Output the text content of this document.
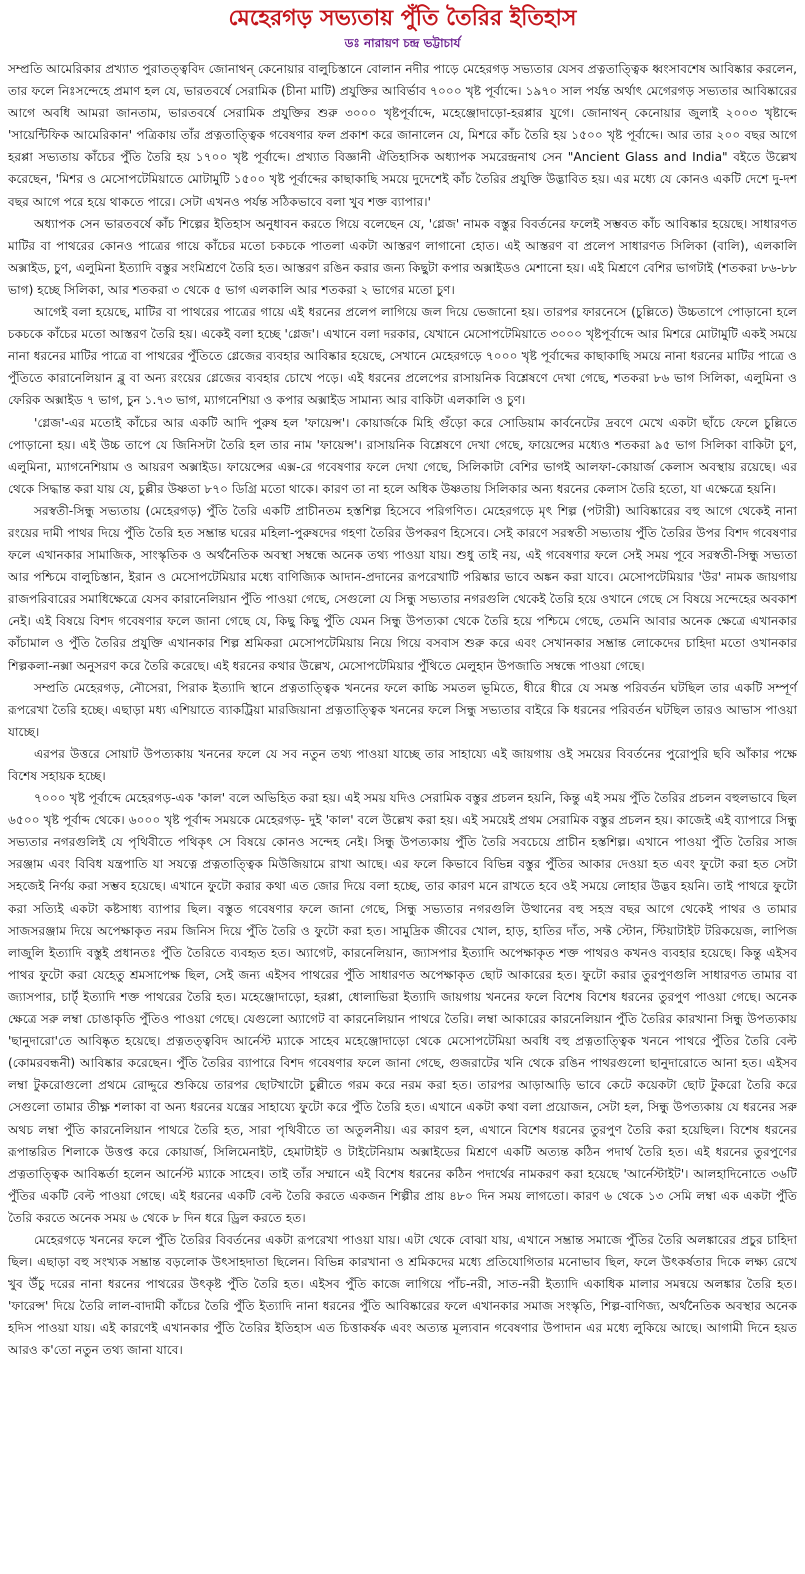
মেহেরগড় সভ্যতায় পুঁতি তৈরির ইতিহাস
ডঃ নারায়ণ চন্দ্র ভট্টাচার্য

সম্প্রতি আমেরিকার প্রখ্যাত পুরাতত্ত্ববিদ জোনাথন্ কেনোয়ার বালুচিস্তানে বোলান নদীর পাড়ে মেহেরগড় সভ্যতার যেসব প্রত্নতাত্ত্বিক ধ্বংসাবশেষ আবিষ্কার করলেন, তার ফলে নিঃসন্দেহে প্রমাণ হল যে, ভারতবর্ষে সেরামিক (চীনা মাটি) প্রযুক্তির আবির্ভাব ৭০০০ খৃষ্ট পূর্বাব্দে। ১৯৭০ সাল পর্যন্ত অর্থাৎ মেগেরগড় সভ্যতার আবিষ্কারের আগে অবধি আমরা জানতাম, ভারতবর্ষে সেরামিক প্রযুক্তির শুরু ৩০০০ খৃষ্টপূর্বাব্দে, মহেঞ্জোদাড়ো-হরপ্পার যুগে। জোনাথন্ কেনোয়ার জুলাই ২০০৩ খৃষ্টাব্দে 'সায়েন্টিফিক আমেরিকান' পত্রিকায় তাঁর প্রত্নতাত্ত্বিক গবেষণার ফল প্রকাশ করে জানালেন যে, মিশরে কাঁচ তৈরি হয় ১৫০০ খৃষ্ট পূর্বাব্দে। আর তার ২০০ বছর আগে হরপ্পা সভ্যতায় কাঁচের পুঁতি তৈরি হয় ১৭০০ খৃষ্ট পূর্বাব্দে। প্রখ্যাত বিজ্ঞানী ঐতিহাসিক অধ্যাপক সমরেন্দ্রনাথ সেন "Ancient Glass and India" বইতে উল্লেখ করেছেন, 'মিশর ও মেসোপটেমিয়াতে মোটামুটি ১৫০০ খৃষ্ট পূর্বাব্দের কাছাকাছি সময়ে দুদেশেই কাঁচ তৈরির প্রযুক্তি উদ্ভাবিত হয়। এর মধ্যে যে কোনও একটি দেশে দু-দশ বছর আগে পরে হয়ে থাকতে পারে। সেটা এখনও পর্যন্ত সঠিকভাবে বলা খুব শক্ত ব্যাপার।'

অধ্যাপক সেন ভারতবর্ষে কাঁচ শিল্পের ইতিহাস অনুধাবন করতে গিয়ে বলেছেন যে, 'গ্লেজ' নামক বস্তুর বিবর্তনের ফলেই সম্ভবত কাঁচ আবিষ্কার হয়েছে। সাধারণত মাটির বা পাথরের কোনও পাত্রের গায়ে কাঁচের মতো চকচকে পাতলা একটা আস্তরণ লাগানো হোত। এই আস্তরণ বা প্রলেপ সাধারণত সিলিকা (বালি), এলকালি অক্সাইড, চুণ, এলুমিনা ইত্যাদি বস্তুর সংমিশ্রণে তৈরি হত। আস্তরণ রঙিন করার জন্য কিছুটা কপার অক্সাইডও মেশানো হয়। এই মিশ্রণে বেশির ভাগটাই (শতকরা ৮৬-৮৮ ভাগ) হচ্ছে সিলিকা, আর শতকরা ৩ থেকে ৫ ভাগ এলকালি আর শতকরা ২ ভাগের মতো চুণ।

আগেই বলা হয়েছে, মাটির বা পাথরের পাত্রের গায়ে এই ধরনের প্রলেপ লাগিয়ে জল দিয়ে ভেজানো হয়। তারপর ফারনেসে (চুল্লিতে) উচ্চতাপে পোড়ানো হলে চকচকে কাঁচের মতো আস্তরণ তৈরি হয়। একেই বলা হচ্ছে 'গ্লেজ'। এখানে বলা দরকার, যেখানে মেসোপটেমিয়াতে ৩০০০ খৃষ্টপূর্বাব্দে আর মিশরে মোটামুটি একই সময়ে নানা ধরনের মাটির পাত্রে বা পাথরের পুঁতিতে গ্লেজের ব্যবহার আবিষ্কার হয়েছে, সেখানে মেহেরগড়ে ৭০০০ খৃষ্ট পূর্বাব্দের কাছাকাছি সময়ে নানা ধরনের মাটির পাত্রে ও পুঁতিতে কারানেলিয়ান ব্লু বা অন্য রংয়ের গ্লেজের ব্যবহার চোখে পড়ে। এই ধরনের প্রলেপের রাসায়নিক বিশ্লেষণে দেখা গেছে, শতকরা ৮৬ ভাগ সিলিকা, এলুমিনা ও ফেরিক অক্সাইড ৭ ভাগ, চুন ১.৭৩ ভাগ, ম্যাগনেশিয়া ও কপার অক্সাইড সামান্য আর বাকিটা এলকালি ও চুণ।

'গ্লেজ'-এর মতোই কাঁচের আর একটি আদি পুরুষ হল 'ফায়েন্স'। কোয়ার্জকে মিহি গুঁড়ো করে সোডিয়াম কার্বনেটের দ্রবণে মেখে একটা ছাঁচে ফেলে চুল্লিতে পোড়ানো হয়। এই উচ্চ তাপে যে জিনিসটা তৈরি হল তার নাম 'ফায়েন্স'। রাসায়নিক বিশ্লেষণে দেখা গেছে, ফায়েন্সের মধ্যেও শতকরা ৯৫ ভাগ সিলিকা বাকিটা চুণ, এলুমিনা, ম্যাগনেশিয়াম ও আয়রণ অক্সাইড। ফায়েন্সের এক্স-রে গবেষণার ফলে দেখা গেছে, সিলিকাটা বেশির ভাগই আলফা-কোয়ার্জ কেলাস অবস্থায় রয়েছে। এর থেকে সিদ্ধান্ত করা যায় যে, চুল্লীর উষ্ণতা ৮৭০ ডিগ্রি মতো থাকে। কারণ তা না হলে অধিক উষ্ণতায় সিলিকার অন্য ধরনের কেলাস তৈরি হতো, যা এক্ষেত্রে হয়নি।

সরস্বতী-সিন্ধু সভ্যতায় (মেহেরগড়) পুঁতি তৈরি একটি প্রাচীনতম হস্তশিল্প হিসেবে পরিগণিত। মেহেরগড়ে মৃৎ শিল্প (পটারী) আবিষ্কারের বহু আগে থেকেই নানা রংয়ের দামী পাথর দিয়ে পুঁতি তৈরি হত সম্ভ্রান্ত ঘরের মহিলা-পুরুষদের গহণা তৈরির উপকরণ হিসেবে। সেই কারণে সরস্বতী সভ্যতায় পুঁতি তৈরির উপর বিশদ গবেষণার ফলে এখানকার সামাজিক, সাংস্কৃতিক ও অর্থনৈতিক অবস্থা সম্বন্ধে অনেক তথ্য পাওয়া যায়। শুধু তাই নয়, এই গবেষণার ফলে সেই সময় পূবে সরস্বতী-সিন্ধু সভ্যতা আর পশ্চিমে বালুচিস্তান, ইরান ও মেসোপটেমিয়ার মধ্যে বাণিজ্যিক আদান-প্রদানের রূপরেখাটি পরিষ্কার ভাবে অঙ্কন করা যাবে। মেসোপটেমিয়ার 'উর' নামক জায়গায় রাজপরিবারের সমাধিক্ষেত্রে যেসব কারানেলিয়ান পুঁতি পাওয়া গেছে, সেগুলো যে সিন্ধু সভ্যতার নগরগুলি থেকেই তৈরি হয়ে ওখানে গেছে সে বিষয়ে সন্দেহের অবকাশ নেই। এই বিষয়ে বিশদ গবেষণার ফলে জানা গেছে যে, কিছু কিছু পুঁতি যেমন সিন্ধু উপত্যকা থেকে তৈরি হয়ে পশ্চিমে গেছে, তেমনি আবার অনেক ক্ষেত্রে এখানকার কাঁচামাল ও পুঁতি তৈরির প্রযুক্তি এখানকার শিল্প শ্রমিকরা মেসোপটেমিয়ায় নিয়ে গিয়ে বসবাস শুরু করে এবং সেখানকার সম্ভ্রান্ত লোকেদের চাহিদা মতো ওখানকার শিল্পকলা-নক্সা অনুসরণ করে তৈরি করেছে। এই ধরনের কথার উল্লেখ, মেসোপটেমিয়ার পুঁথিতে মেলুহান উপজাতি সম্বন্ধে পাওয়া গেছে।

সম্প্রতি মেহেরগড়, নৌসেরা, পিরাক ইত্যাদি স্থানে প্রত্নতাত্ত্বিক খননের ফলে কাচ্চি সমতল ভূমিতে, ধীরে ধীরে যে সমস্ত পরিবর্তন ঘটছিল তার একটি সম্পূর্ণ রূপরেখা তৈরি হচ্ছে। এছাড়া মধ্য এশিয়াতে ব্যাকট্রিয়া মারজিয়ানা প্রত্নতাত্ত্বিক খননের ফলে সিন্ধু সভ্যতার বাইরে কি ধরনের পরিবর্তন ঘটছিল তারও আভাস পাওয়া যাচ্ছে।

এরপর উত্তরে সোয়াট উপত্যকায় খননের ফলে যে সব নতুন তথ্য পাওয়া যাচ্ছে তার সাহায্যে এই জায়গায় ওই সময়ের বিবর্তনের পুরোপুরি ছবি আঁকার পক্ষে বিশেষ সহায়ক হচ্ছে।

৭০০০ খৃষ্ট পূর্বাব্দে মেহেরগড়-এক 'কাল' বলে অভিহিত করা হয়। এই সময় যদিও সেরামিক বস্তুর প্রচলন হয়নি, কিন্তু এই সময় পুঁতি তৈরির প্রচলন বহুলভাবে ছিল ৬৫০০ খৃষ্ট পূর্বাব্দ থেকে। ৬০০০ খৃষ্ট পূর্বাব্দ সময়কে মেহেরগড়- দুই 'কাল' বলে উল্লেখ করা হয়। এই সময়েই প্রথম সেরামিক বস্তুর প্রচলন হয়। কাজেই এই ব্যাপারে সিন্ধু সভ্যতার নগরগুলিই যে পৃথিবীতে পথিকৃৎ সে বিষয়ে কোনও সন্দেহ নেই। সিন্ধু উপত্যকায় পুঁতি তৈরি সবচেয়ে প্রাচীন হস্তশিল্প। এখানে পাওয়া পুঁতি তৈরির সাজ সরঞ্জাম এবং বিবিধ যন্ত্রপাতি যা সযত্নে প্রত্নতাত্ত্বিক মিউজিয়ামে রাখা আছে। এর ফলে কিভাবে বিভিন্ন বস্তুর পুঁতির আকার দেওয়া হত এবং ফুটো করা হত সেটা সহজেই নির্ণয় করা সম্ভব হয়েছে। এখানে ফুটো করার কথা এত জোর দিয়ে বলা হচ্ছে, তার কারণ মনে রাখতে হবে ওই সময়ে লোহার উদ্ভব হয়নি। তাই পাথরে ফুটো করা সত্যিই একটা কষ্টসাধ্য ব্যাপার ছিল। বস্তুত গবেষণার ফলে জানা গেছে, সিন্ধু সভ্যতার নগরগুলি উত্থানের বহু সহস্র বছর আগে থেকেই পাথর ও তামার সাজসরঞ্জাম দিয়ে অপেক্ষাকৃত নরম জিনিস দিয়ে পুঁতি তৈরি ও ফুটো করা হত। সামুদ্রিক জীবের খোল, হাড়, হাতির দাঁত, সফ্ট স্টোন, স্টিয়াটাইট টরিকয়েজ, লাপিজ লাজুলি ইত্যাদি বস্তুই প্রধানতঃ পুঁতি তৈরিতে ব্যবহৃত হত। অ্যাগেট, কারনেলিয়ান, জ্যাসপার ইত্যাদি অপেক্ষাকৃত শক্ত পাথরও কখনও ব্যবহার হয়েছে। কিন্তু এইসব পাথর ফুটো করা যেহেতু শ্রমসাপেক্ষ ছিল, সেই জন্য এইসব পাথরের পুঁতি সাধারণত অপেক্ষাকৃত ছোট আকারের হত। ফুটো করার তুরপুণগুলি সাধারণত তামার বা জ্যাসপার, চার্ট্ ইত্যাদি শক্ত পাথরের তৈরি হত। মহেঞ্জোদাড়ো, হরপ্পা, ধোলাভিরা ইত্যাদি জায়গায় খননের ফলে বিশেষ বিশেষ ধরনের তুরপুণ পাওয়া গেছে। অনেক ক্ষেত্রে সরু লম্বা চোঙাকৃতি পুঁতিও পাওয়া গেছে। যেগুলো অ্যাগেট বা কারনেলিয়ান পাথরে তৈরি। লম্বা আকারের কারনেলিয়ান পুঁতি তৈরির কারখানা সিন্ধু উপত্যকায় 'ছানুদারো'তে আবিষ্কৃত হয়েছে। প্রত্নতত্ত্ববিদ আর্নেস্ট ম্যাকে সাহেব মহেঞ্জোদাড়ো থেকে মেসোপটেমিয়া অবধি বহু প্রত্নতাত্ত্বিক খননে পাথরে পুঁতির তৈরি বেল্ট (কোমরবন্ধনী) আবিষ্কার করেছেন। পুঁতি তৈরির ব্যাপারে বিশদ গবেষণার ফলে জানা গেছে, গুজরাটের খনি থেকে রঙিন পাথরগুলো ছানুদারোতে আনা হত। এইসব লম্বা টুকরোগুলো প্রথমে রোদ্দুরে শুকিয়ে তারপর ছোটখাটো চুল্লীতে গরম করে নরম করা হত। তারপর আড়াআড়ি ভাবে কেটে কয়েকটা ছোট টুকরো তৈরি করে সেগুলো তামার তীক্ষ্ণ শলাকা বা অন্য ধরনের যন্ত্রের সাহায্যে ফুটো করে পুঁতি তৈরি হত। এখানে একটা কথা বলা প্রয়োজন, সেটা হল, সিন্ধু উপত্যকায় যে ধরনের সরু অথচ লম্বা পুঁতি কারনেলিয়ান পাথরে তৈরি হত, সারা পৃথিবীতে তা অতুলনীয়। এর কারণ হল, এখানে বিশেষ ধরনের তুরপুণ তৈরি করা হয়েছিল। বিশেষ ধরনের রূপান্তরিত শিলাকে উত্তপ্ত করে কোয়ার্জ, সিলিমেনাইট, হেমাটাইট ও টাইটেনিয়াম অক্সাইডের মিশ্রণে একটি অত্যন্ত কঠিন পদার্থ তৈরি হত। এই ধরনের তুরপুণের প্রত্নতাত্ত্বিক আবিষ্কর্তা হলেন আর্নেস্ট ম্যাকে সাহেব। তাই তাঁর সম্মানে এই বিশেষ ধরনের কঠিন পদার্থের নামকরণ করা হয়েছে 'আর্নেস্টাইট'। আলহাদিনোতে ৩৬টি পুঁতির একটি বেল্ট পাওয়া গেছে। এই ধরনের একটি বেল্ট তৈরি করতে একজন শিল্পীর প্রায় ৪৮০ দিন সময় লাগতো। কারণ ৬ থেকে ১৩ সেমি লম্বা এক একটা পুঁতি তৈরি করতে অনেক সময় ৬ থেকে ৮ দিন ধরে ড্রিল করতে হত।

মেহেরগড়ে খননের ফলে পুঁতি তৈরির বিবর্তনের একটা রূপরেখা পাওয়া যায়। এটা থেকে বোঝা যায়, এখানে সম্ভ্রান্ত সমাজে পুঁতির তৈরি অলঙ্কারের প্রচুর চাহিদা ছিল। এছাড়া বহু সংখ্যক সম্ভ্রান্ত বড়লোক উৎসাহদাতা ছিলেন। বিভিন্ন কারখানা ও শ্রমিকদের মধ্যে প্রতিযোগিতার মনোভাব ছিল, ফলে উৎকর্ষতার দিকে লক্ষ্য রেখে খুব উঁচু দরের নানা ধরনের পাথরের উৎকৃষ্ট পুঁতি তৈরি হত। এইসব পুঁতি কাজে লাগিয়ে পাঁচ-নরী, সাত-নরী ইত্যাদি একাধিক মালার সমন্বয়ে অলঙ্কার তৈরি হত। 'ফারেন্স' দিয়ে তৈরি লাল-বাদামী কাঁচের তৈরি পুঁতি ইত্যাদি নানা ধরনের পুঁতি আবিষ্কারের ফলে এখানকার সমাজ সংস্কৃতি, শিল্প-বাণিজ্য, অর্থনৈতিক অবস্থার অনেক হদিস পাওয়া যায়। এই কারণেই এখানকার পুঁতি তৈরির ইতিহাস এত চিত্তাকর্ষক এবং অত্যন্ত মূল্যবান গবেষণার উপাদান এর মধ্যে লুকিয়ে আছে। আগামী দিনে হয়ত আরও ক'তো নতুন তথ্য জানা যাবে।
